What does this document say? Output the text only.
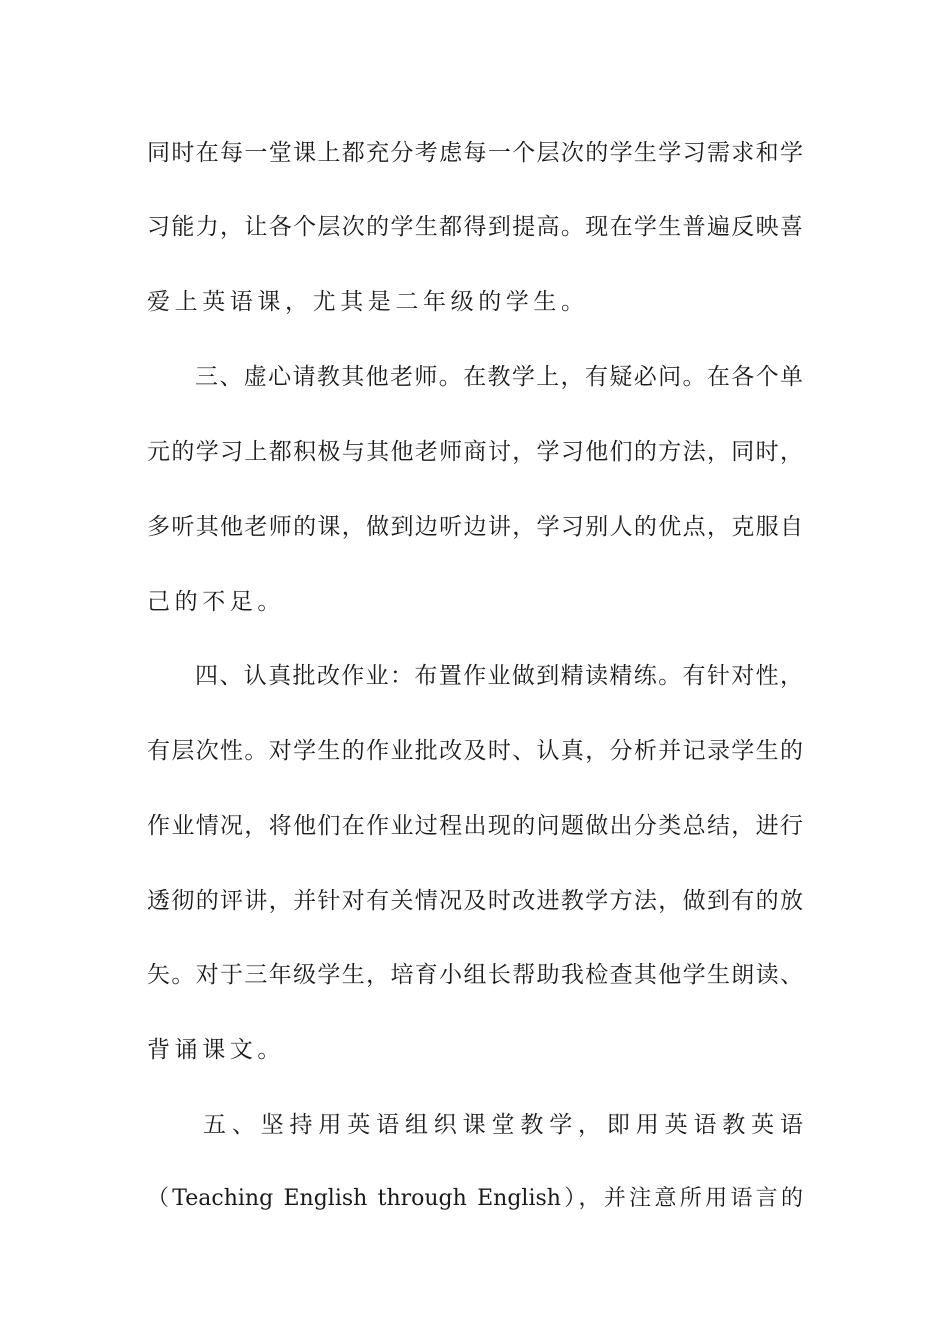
同时在每一堂课上都充分考虑每一个层次的学生学习需求和学
习能力，让各个层次的学生都得到提高。现在学生普遍反映喜
爱上英语课，尤其是二年级的学生。
三、虚心请教其他老师。在教学上，有疑必问。在各个单
元的学习上都积极与其他老师商讨，学习他们的方法，同时，
多听其他老师的课，做到边听边讲，学习别人的优点，克服自
己的不足。
四、认真批改作业：布置作业做到精读精练。有针对性，
有层次性。对学生的作业批改及时、认真，分析并记录学生的
作业情况，将他们在作业过程出现的问题做出分类总结，进行
透彻的评讲，并针对有关情况及时改进教学方法，做到有的放
矢。对于三年级学生，培育小组长帮助我检查其他学生朗读、
背诵课文。
五、坚持用英语组织课堂教学，即用英语教英语
（Teaching English through English），并注意所用语言的
